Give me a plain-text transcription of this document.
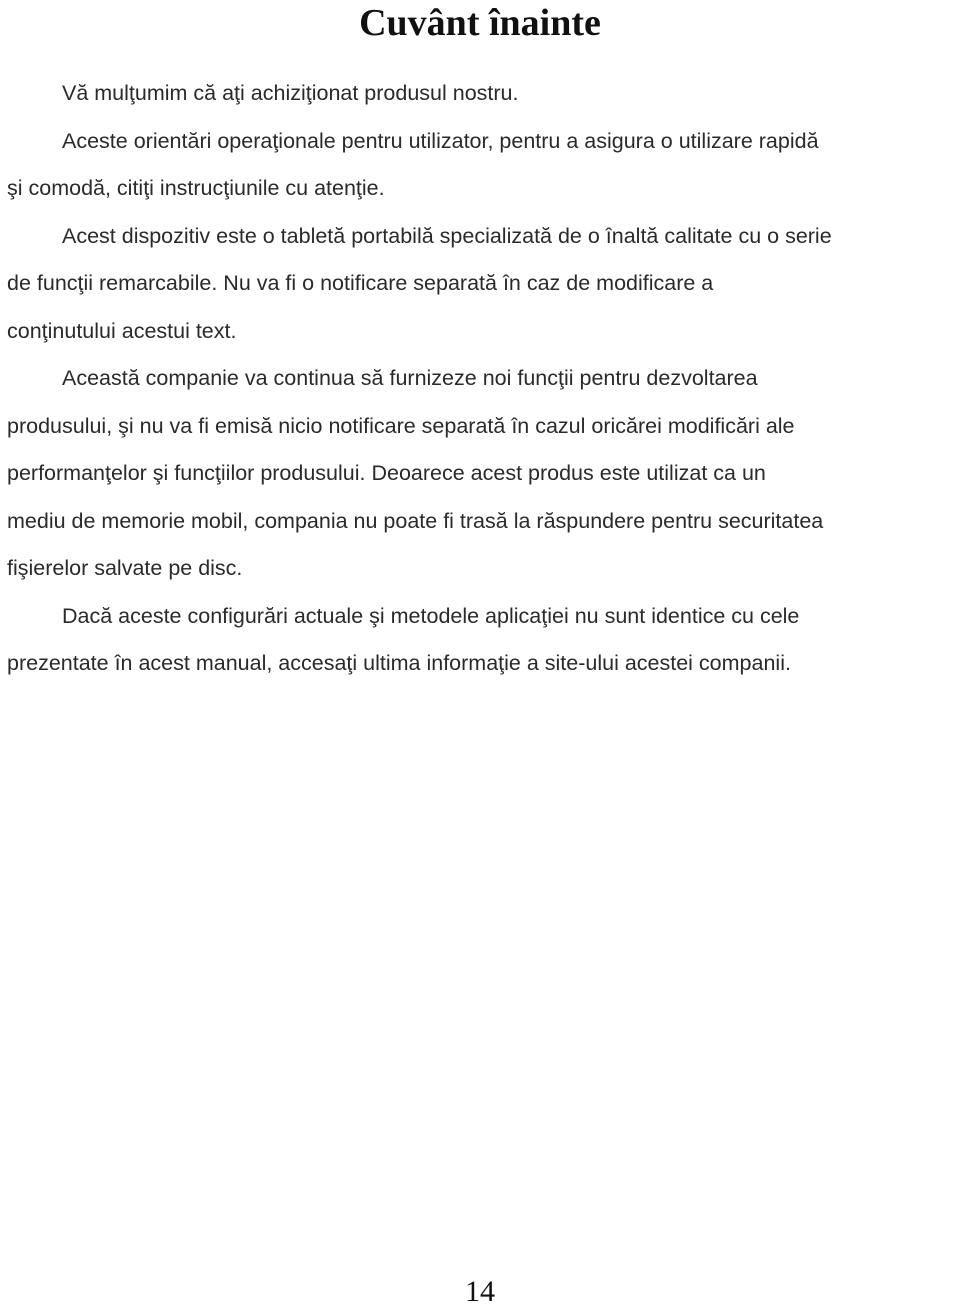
Cuvânt înainte

Vă mulţumim că aţi achiziţionat produsul nostru.

Aceste orientări operaţionale pentru utilizator, pentru a asigura o utilizare rapidă
şi comodă, citiţi instrucţiunile cu atenţie.

Acest dispozitiv este o tabletă portabilă specializată de o înaltă calitate cu o serie
de funcţii remarcabile. Nu va fi o notificare separată în caz de modificare a
conţinutului acestui text.

Această companie va continua să furnizeze noi funcţii pentru dezvoltarea
produsului, şi nu va fi emisă nicio notificare separată în cazul oricărei modificări ale
performanţelor şi funcţiilor produsului. Deoarece acest produs este utilizat ca un
mediu de memorie mobil, compania nu poate fi trasă la răspundere pentru securitatea
fişierelor salvate pe disc.

Dacă aceste configurări actuale şi metodele aplicaţiei nu sunt identice cu cele
prezentate în acest manual, accesaţi ultima informaţie a site-ului acestei companii.

14
